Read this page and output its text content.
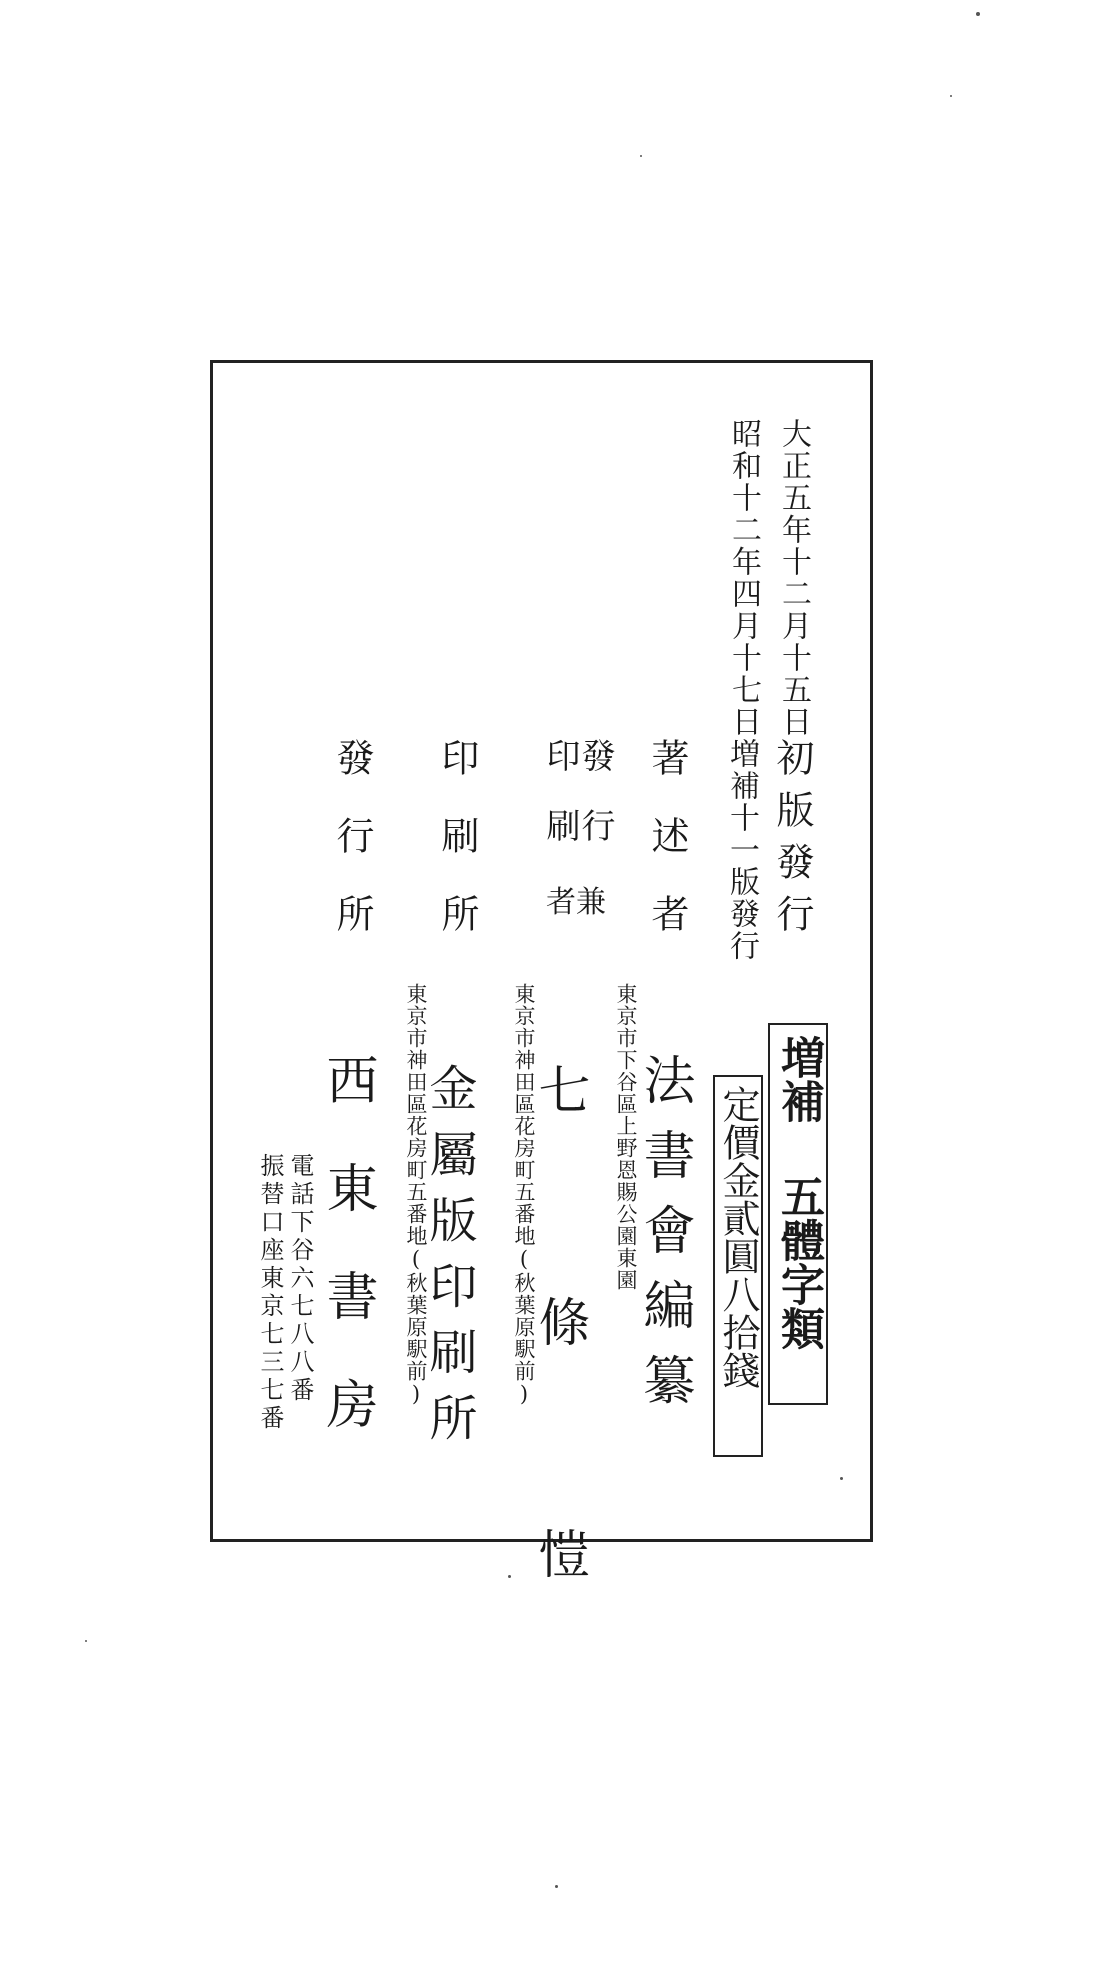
大正五年十二月十五日
昭和十二年四月十七日
初版發行
増補十一版發行
増補 五體字類
定價金貳圓八拾錢
著述者
東京市下谷區上野恩賜公園東園
法書會編纂
發行
印刷
者兼
東京市神田區花房町五番地(秋葉原駅前)
七條愷
印刷所
東京市神田區花房町五番地(秋葉原駅前)
金屬版印刷所
發行所
西東書房
電話下谷六七八八番
振替口座東京七三七番
